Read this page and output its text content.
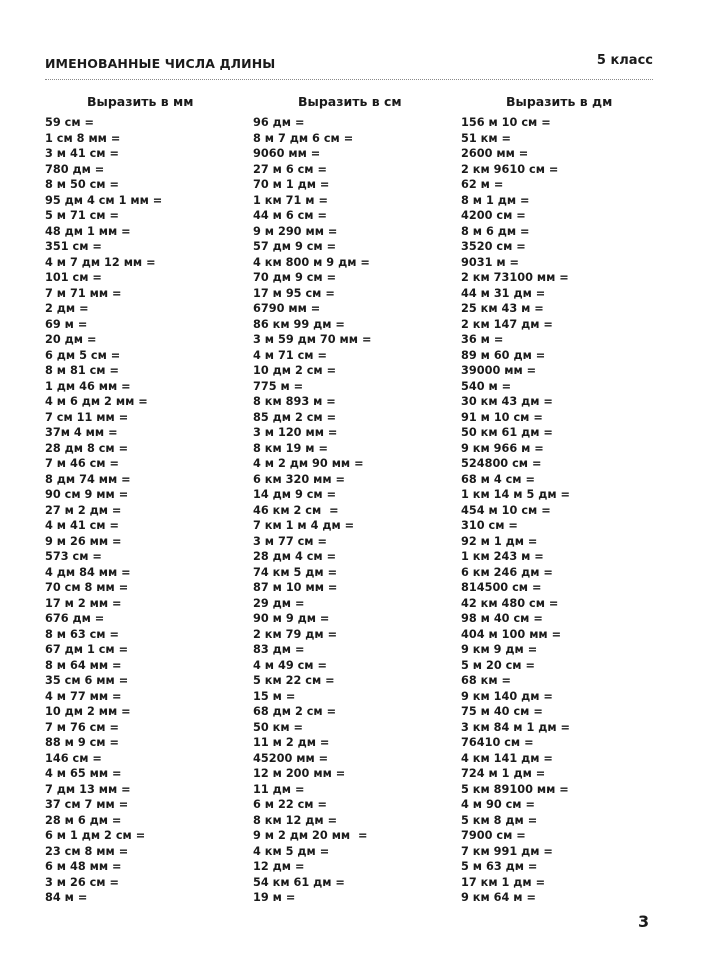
ИМЕНОВАННЫЕ ЧИСЛА ДЛИНЫ	5 класс
Выразить в мм
59 см =
1 см 8 мм =
3 м 41 см =
780 дм =
8 м 50 см =
95 дм 4 см 1 мм =
5 м 71 см =
48 дм 1 мм =
351 см =
4 м 7 дм 12 мм =
101 см =
7 м 71 мм =
2 дм =
69 м =
20 дм =
6 дм 5 см =
8 м 81 см =
1 дм 46 мм =
4 м 6 дм 2 мм =
7 см 11 мм =
37м 4 мм =
28 дм 8 см =
7 м 46 см =
8 дм 74 мм =
90 см 9 мм =
27 м 2 дм =
4 м 41 см =
9 м 26 мм =
573 см =
4 дм 84 мм =
70 см 8 мм =
17 м 2 мм =
676 дм =
8 м 63 см =
67 дм 1 см =
8 м 64 мм =
35 см 6 мм =
4 м 77 мм =
10 дм 2 мм =
7 м 76 см =
88 м 9 см =
146 см =
4 м 65 мм =
7 дм 13 мм =
37 см 7 мм =
28 м 6 дм =
6 м 1 дм 2 см =
23 см 8 мм =
6 м 48 мм =
3 м 26 см =
84 м =
Выразить в см
96 дм =
8 м 7 дм 6 см =
9060 мм =
27 м 6 см =
70 м 1 дм =
1 км 71 м =
44 м 6 см =
9 м 290 мм =
57 дм 9 см =
4 км 800 м 9 дм =
70 дм 9 см =
17 м 95 см =
6790 мм =
86 км 99 дм =
3 м 59 дм 70 мм =
4 м 71 см =
10 дм 2 см =
775 м =
8 км 893 м =
85 дм 2 см =
3 м 120 мм =
8 км 19 м =
4 м 2 дм 90 мм =
6 км 320 мм =
14 дм 9 см =
46 км 2 см  =
7 км 1 м 4 дм =
3 м 77 см =
28 дм 4 см =
74 км 5 дм =
87 м 10 мм =
29 дм =
90 м 9 дм =
2 км 79 дм =
83 дм =
4 м 49 см =
5 км 22 см =
15 м =
68 дм 2 см =
50 км =
11 м 2 дм =
45200 мм =
12 м 200 мм =
11 дм =
6 м 22 см =
8 км 12 дм =
9 м 2 дм 20 мм  =
4 км 5 дм =
12 дм =
54 км 61 дм =
19 м =
Выразить в дм
156 м 10 см =
51 км =
2600 мм =
2 км 9610 см =
62 м =
8 м 1 дм =
4200 см =
8 м 6 дм =
3520 см =
9031 м =
2 км 73100 мм =
44 м 31 дм =
25 км 43 м =
2 км 147 дм =
36 м =
89 м 60 дм =
39000 мм =
540 м =
30 км 43 дм =
91 м 10 см =
50 км 61 дм =
9 км 966 м =
524800 см =
68 м 4 см =
1 км 14 м 5 дм =
454 м 10 см =
310 см =
92 м 1 дм =
1 км 243 м =
6 км 246 дм =
814500 см =
42 км 480 см =
98 м 40 см =
404 м 100 мм =
9 км 9 дм =
5 м 20 см =
68 км =
9 км 140 дм =
75 м 40 см =
3 км 84 м 1 дм =
76410 см =
4 км 141 дм =
724 м 1 дм =
5 км 89100 мм =
4 м 90 см =
5 км 8 дм =
7900 см =
7 км 991 дм =
5 м 63 дм =
17 км 1 дм =
9 км 64 м =
3
